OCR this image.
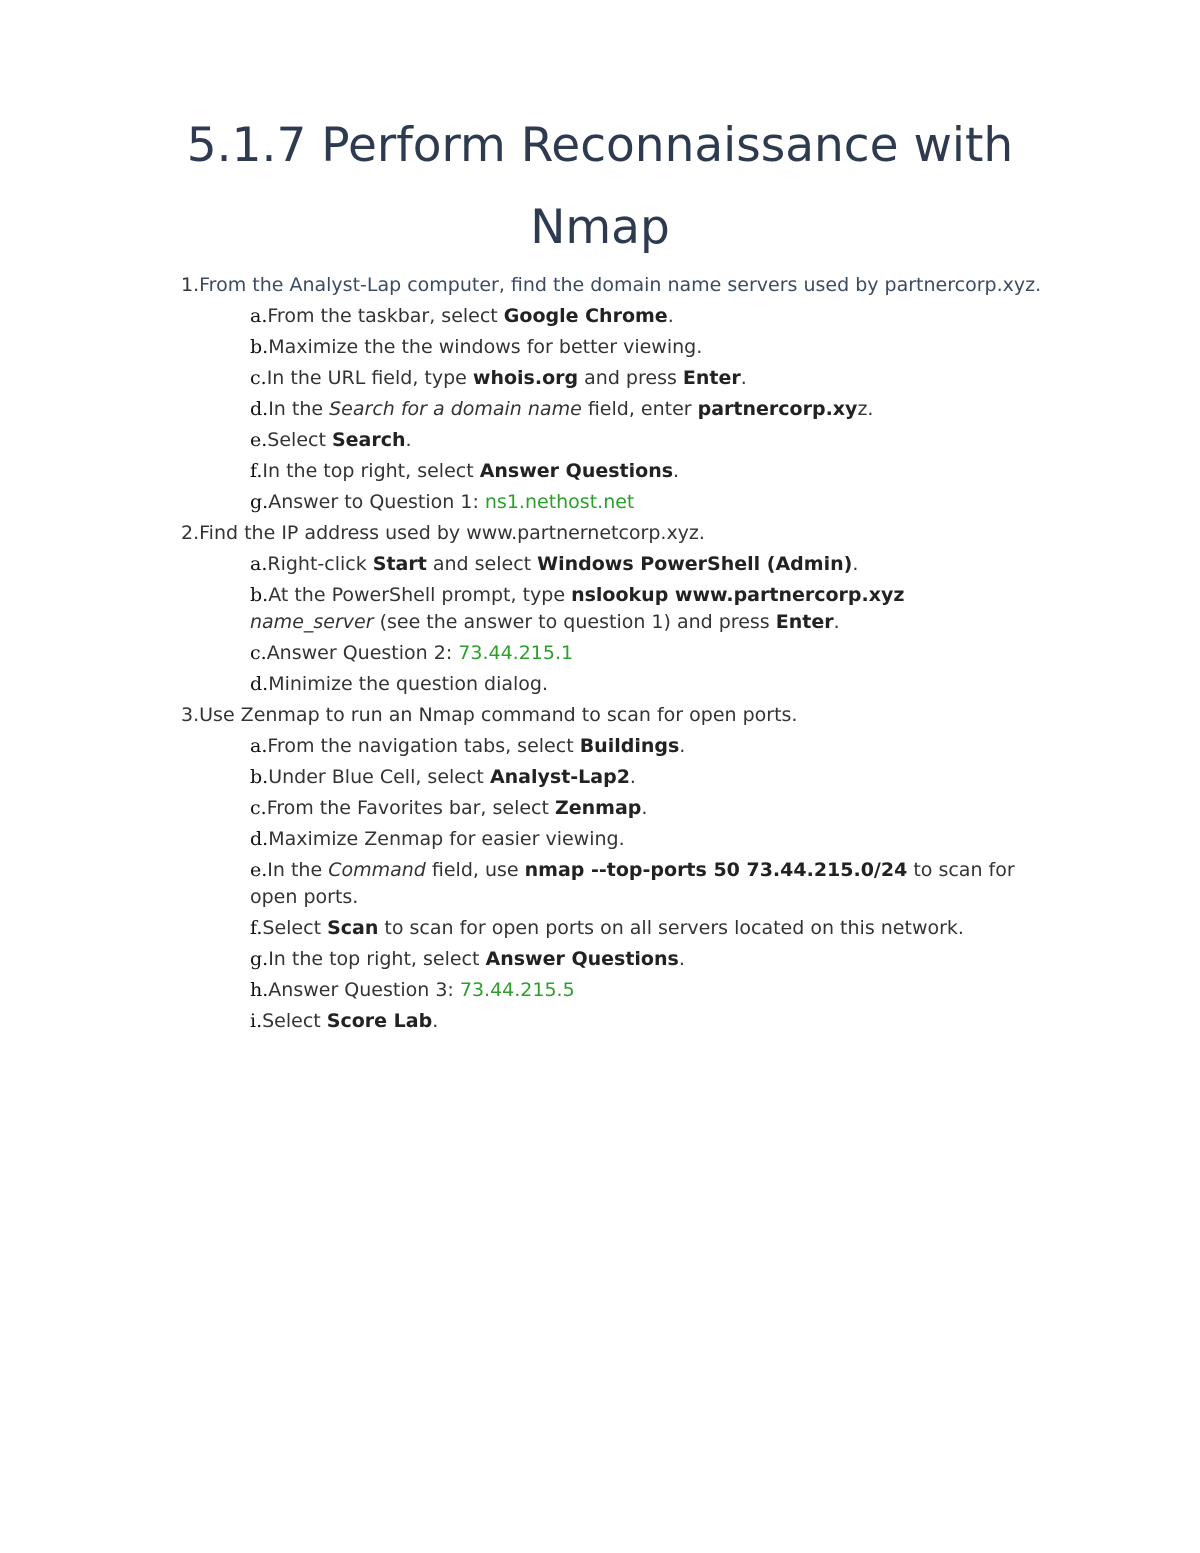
5.1.7 Perform Reconnaissance with Nmap

1.From the Analyst-Lap computer, find the domain name servers used by partnercorp.xyz.

a.From the taskbar, select Google Chrome.

b.Maximize the the windows for better viewing.

c.In the URL field, type whois.org and press Enter.

d.In the Search for a domain name field, enter partnercorp.xyz.

e.Select Search.

f.In the top right, select Answer Questions.

g.Answer to Question 1: ns1.nethost.net

2.Find the IP address used by www.partnernetcorp.xyz.

a.Right-click Start and select Windows PowerShell (Admin).

b.At the PowerShell prompt, type nslookup www.partnercorp.xyz name_server (see the answer to question 1) and press Enter.

c.Answer Question 2: 73.44.215.1

d.Minimize the question dialog.

3.Use Zenmap to run an Nmap command to scan for open ports.

a.From the navigation tabs, select Buildings.

b.Under Blue Cell, select Analyst-Lap2.

c.From the Favorites bar, select Zenmap.

d.Maximize Zenmap for easier viewing.

e.In the Command field, use nmap --top-ports 50 73.44.215.0/24 to scan for open ports.

f.Select Scan to scan for open ports on all servers located on this network.

g.In the top right, select Answer Questions.

h.Answer Question 3: 73.44.215.5

i.Select Score Lab.
